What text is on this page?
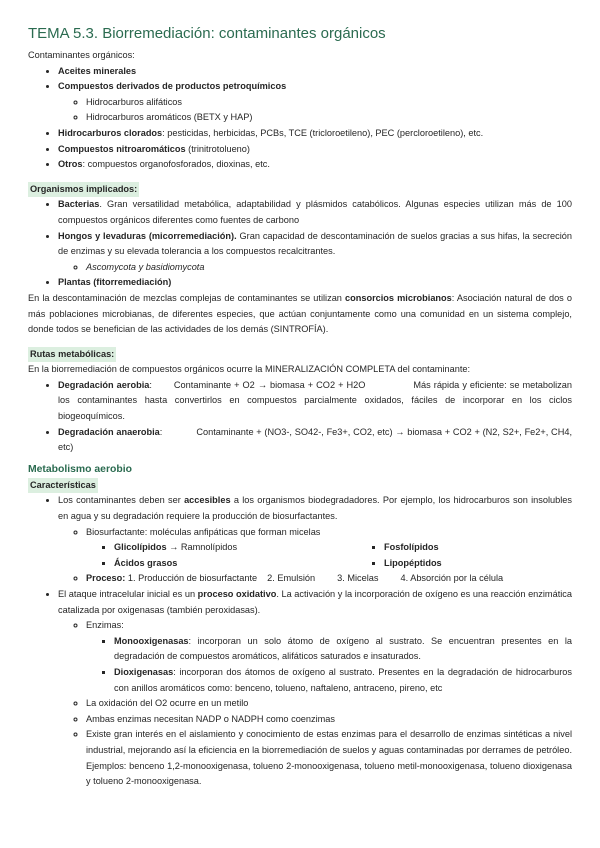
TEMA 5.3. Biorremediación: contaminantes orgánicos

Contaminantes orgánicos:

• Aceites minerales
• Compuestos derivados de productos petroquímicos
◦ Hidrocarburos alifáticos
◦ Hidrocarburos aromáticos (BETX y HAP)
• Hidrocarburos clorados: pesticidas, herbicidas, PCBs, TCE (tricloroetileno), PEC (percloroetileno), etc.
• Compuestos nitroaromáticos (trinitrotolueno)
• Otros: compuestos organofosforados, dioxinas, etc.
Organismos implicados:
• Bacterias. Gran versatilidad metabólica, adaptabilidad y plásmidos catabólicos. Algunas especies utilizan más de 100 compuestos orgánicos diferentes como fuentes de carbono
• Hongos y levaduras (micorremediación). Gran capacidad de descontaminación de suelos gracias a sus hifas, la secreción de enzimas y su elevada tolerancia a los compuestos recalcitrantes.
◦ Ascomycota y basidiomycota
• Plantas (fitorremediación)

En la descontaminación de mezclas complejas de contaminantes se utilizan consorcios microbianos: Asociación natural de dos o más poblaciones microbianas, de diferentes especies, que actúan conjuntamente como una comunidad en un sistema complejo, donde todos se benefician de las actividades de los demás (SINTROFÍA).

Rutas metabólicas:

En la biorremediación de compuestos orgánicos ocurre la MINERALIZACIÓN COMPLETA del contaminante:

• Degradación aerobia: Contaminante + O2 → biomasa + CO2 + H2O	Más rápida y eficiente: se metabolizan los contaminantes hasta convertirlos en compuestos parcialmente oxidados, fáciles de incorporar en los ciclos biogeoquímicos.
• Degradación anaerobia:	Contaminante + (NO3-, SO42-, Fe3+, CO2, etc) → biomasa + CO2 + (N2, S2+, Fe2+, CH4, etc)
Metabolismo aerobio
Características
• Los contaminantes deben ser accesibles a los organismos biodegradadores. Por ejemplo, los hidrocarburos son insolubles en agua y su degradación requiere la producción de biosurfactantes.
◦ Biosurfactante: moléculas anfipáticas que forman micelas
Glicolípidos → Ramnolípidos	Fosfolípidos
Ácidos grasos	Lipopéptidos
◦ Proceso: 1. Producción de biosurfactante 2. Emulsión 3. Micelas 4. Absorción por la célula
• El ataque intracelular inicial es un proceso oxidativo. La activación y la incorporación de oxígeno es una reacción enzimática catalizada por oxigenasas (también peroxidasas).
◦ Enzimas:
▪ Monooxigenasas: incorporan un solo átomo de oxígeno al sustrato. Se encuentran presentes en la degradación de compuestos aromáticos, alifáticos saturados e insaturados.
▪ Dioxigenasas: incorporan dos átomos de oxígeno al sustrato. Presentes en la degradación de hidrocarburos con anillos aromáticos como: benceno, tolueno, naftaleno, antraceno, pireno, etc
◦ La oxidación del O2 ocurre en un metilo
◦ Ambas enzimas necesitan NADP o NADPH como coenzimas
◦ Existe gran interés en el aislamiento y conocimiento de estas enzimas para el desarrollo de enzimas sintéticas a nivel industrial, mejorando así la eficiencia en la biorremediación de suelos y aguas contaminadas por derrames de petróleo. Ejemplos: benceno 1,2-monooxigenasa, tolueno 2-monooxigenasa, tolueno metil-monooxigenasa, tolueno dioxigenasa y tolueno 2-monooxigenasa.
